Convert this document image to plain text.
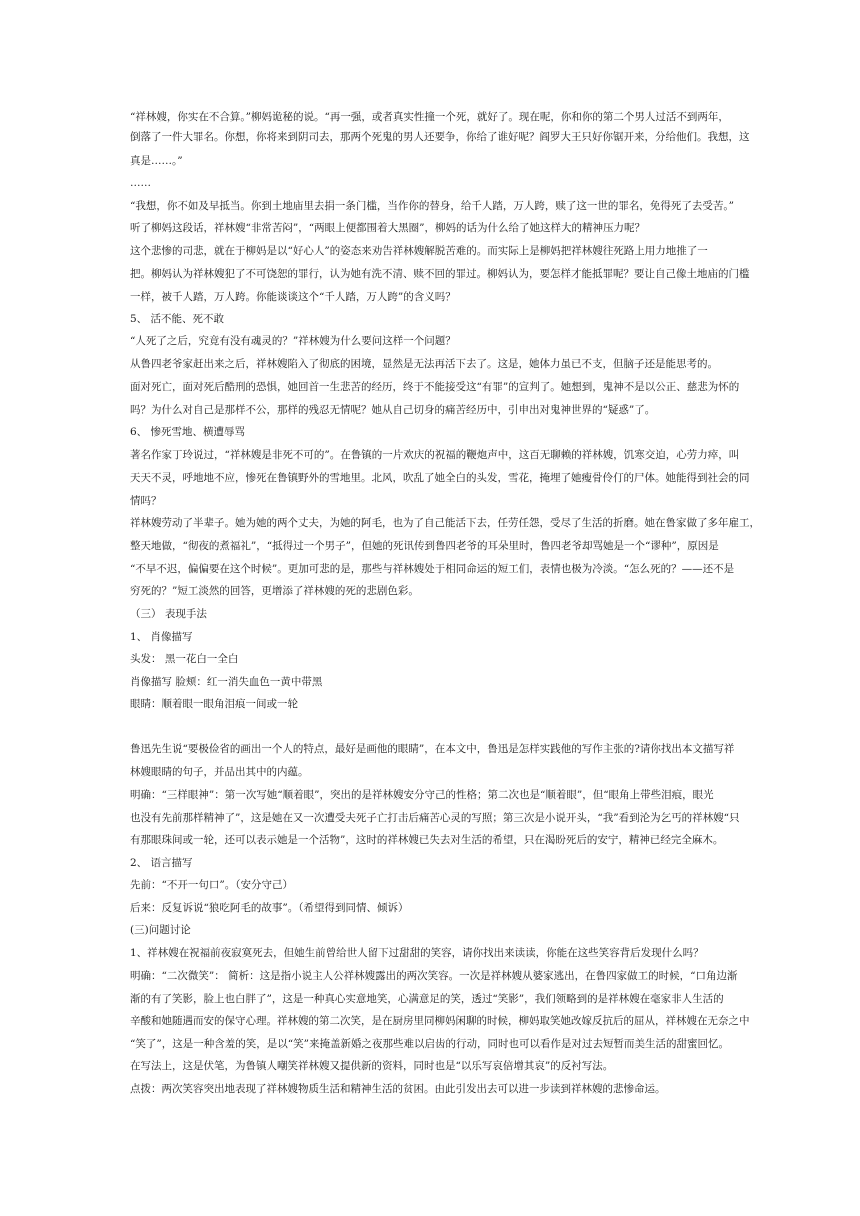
“祥林嫂，你实在不合算。”柳妈诡秘的说。“再一强，或者真实性撞一个死，就好了。现在呢，你和你的第二个男人过活不到两年，
倒落了一件大罪名。你想，你将来到阴司去，那两个死鬼的男人还要争，你给了谁好呢？阎罗大王只好你锯开来，分给他们。我想，这
真是……。”
……
“我想，你不如及早抵当。你到土地庙里去捐一条门槛，当作你的替身，给千人踏，万人跨，赎了这一世的罪名，免得死了去受苦。”
听了柳妈这段话，祥林嫂“非常苦闷”，“两眼上便都围着大黑圈”，柳妈的话为什么给了她这样大的精神压力呢？
这个悲惨的司悲，就在于柳妈是以“好心人”的姿态来劝告祥林嫂解脱苦难的。而实际上是柳妈把祥林嫂往死路上用力地推了一
把。柳妈认为祥林嫂犯了不可饶恕的罪行，认为她有洗不清、赎不回的罪过。柳妈认为，要怎样才能抵罪呢？要让自己像土地庙的门槛
一样，被千人踏，万人跨。你能谈谈这个“千人踏，万人跨”的含义吗？
5、 活不能、死不敢
“人死了之后，究竟有没有魂灵的？”祥林嫂为什么要问这样一个问题？
从鲁四老爷家赶出来之后，祥林嫂陷入了彻底的困境，显然是无法再活下去了。这是，她体力虽已不支，但脑子还是能思考的。
面对死亡，面对死后酷刑的恐惧，她回首一生悲苦的经历，终于不能接受这“有罪”的宣判了。她想到，鬼神不是以公正、慈悲为怀的
吗？为什么对自己是那样不公，那样的残忍无情呢？她从自己切身的痛苦经历中，引申出对鬼神世界的“疑惑”了。
6、 惨死雪地、横遭辱骂
著名作家丁玲说过，“祥林嫂是非死不可的”。在鲁镇的一片欢庆的祝福的鞭炮声中，这百无聊赖的祥林嫂，饥寒交迫，心劳力瘁，叫
天天不灵，呼地地不应，惨死在鲁镇野外的雪地里。北风，吹乱了她全白的头发，雪花，掩埋了她瘦骨伶仃的尸体。她能得到社会的同
情吗？
祥林嫂劳动了半辈子。她为她的两个丈夫，为她的阿毛，也为了自己能活下去，任劳任怨，受尽了生活的折磨。她在鲁家做了多年雇工，
整天地做，“彻夜的煮福礼”，“抵得过一个男子”，但她的死讯传到鲁四老爷的耳朵里时，鲁四老爷却骂她是一个“谬种”，原因是
“不早不迟，偏偏要在这个时候”。更加可悲的是，那些与祥林嫂处于相同命运的短工们，表情也极为冷淡。“怎么死的？——还不是
穷死的？”短工淡然的回答，更增添了祥林嫂的死的悲剧色彩。
（三） 表现手法
1、 肖像描写
头发： 黑一花白一全白
肖像描写 脸颊：红一消失血色一黄中带黑
眼睛：顺着眼一眼角泪痕一间或一轮
鲁迅先生说“要极俭省的画出一个人的特点，最好是画他的眼睛”，在本文中，鲁迅是怎样实践他的写作主张的?请你找出本文描写祥
林嫂眼睛的句子，并品出其中的内蕴。
明确：“三样眼神”：第一次写她“顺着眼”，突出的是祥林嫂安分守己的性格；第二次也是“顺着眼”，但“眼角上带些泪痕，眼光
也没有先前那样精神了”，这是她在又一次遭受夫死子亡打击后痛苦心灵的写照；第三次是小说开头，“我”看到沦为乞丐的祥林嫂“只
有那眼珠间或一轮，还可以表示她是一个活物”，这时的祥林嫂已失去对生活的希望，只在渴盼死后的安宁，精神已经完全麻木。
2、 语言描写
先前：“不开一句口”。（安分守己）
后来：反复诉说“狼吃阿毛的故事”。（希望得到同情、倾诉）
(三)问题讨论
1、祥林嫂在祝福前夜寂寞死去，但她生前曾给世人留下过甜甜的笑容，请你找出来读读，你能在这些笑容背后发现什么吗？
明确：“二次微笑”： 简析：这是指小说主人公祥林嫂露出的两次笑容。一次是祥林嫂从婆家逃出，在鲁四家做工的时候，“口角边渐
渐的有了笑影，脸上也白胖了”，这是一种真心实意地笑，心满意足的笑，透过“笑影”，我们领略到的是祥林嫂在毫家非人生活的
辛酸和她随遇而安的保守心理。祥林嫂的第二次笑，是在厨房里同柳妈闲聊的时候，柳妈取笑她改嫁反抗后的屈从，祥林嫂在无奈之中
“笑了”，这是一种含羞的笑，是以“笑”来掩盖新婚之夜那些难以启齿的行动，同时也可以看作是对过去短暂而美生活的甜蜜回忆。
在写法上，这是伏笔，为鲁镇人嘲笑祥林嫂又提供新的资料，同时也是“以乐写哀倍增其哀”的反衬写法。
点拨：两次笑容突出地表现了祥林嫂物质生活和精神生活的贫困。由此引发出去可以进一步读到祥林嫂的悲惨命运。
